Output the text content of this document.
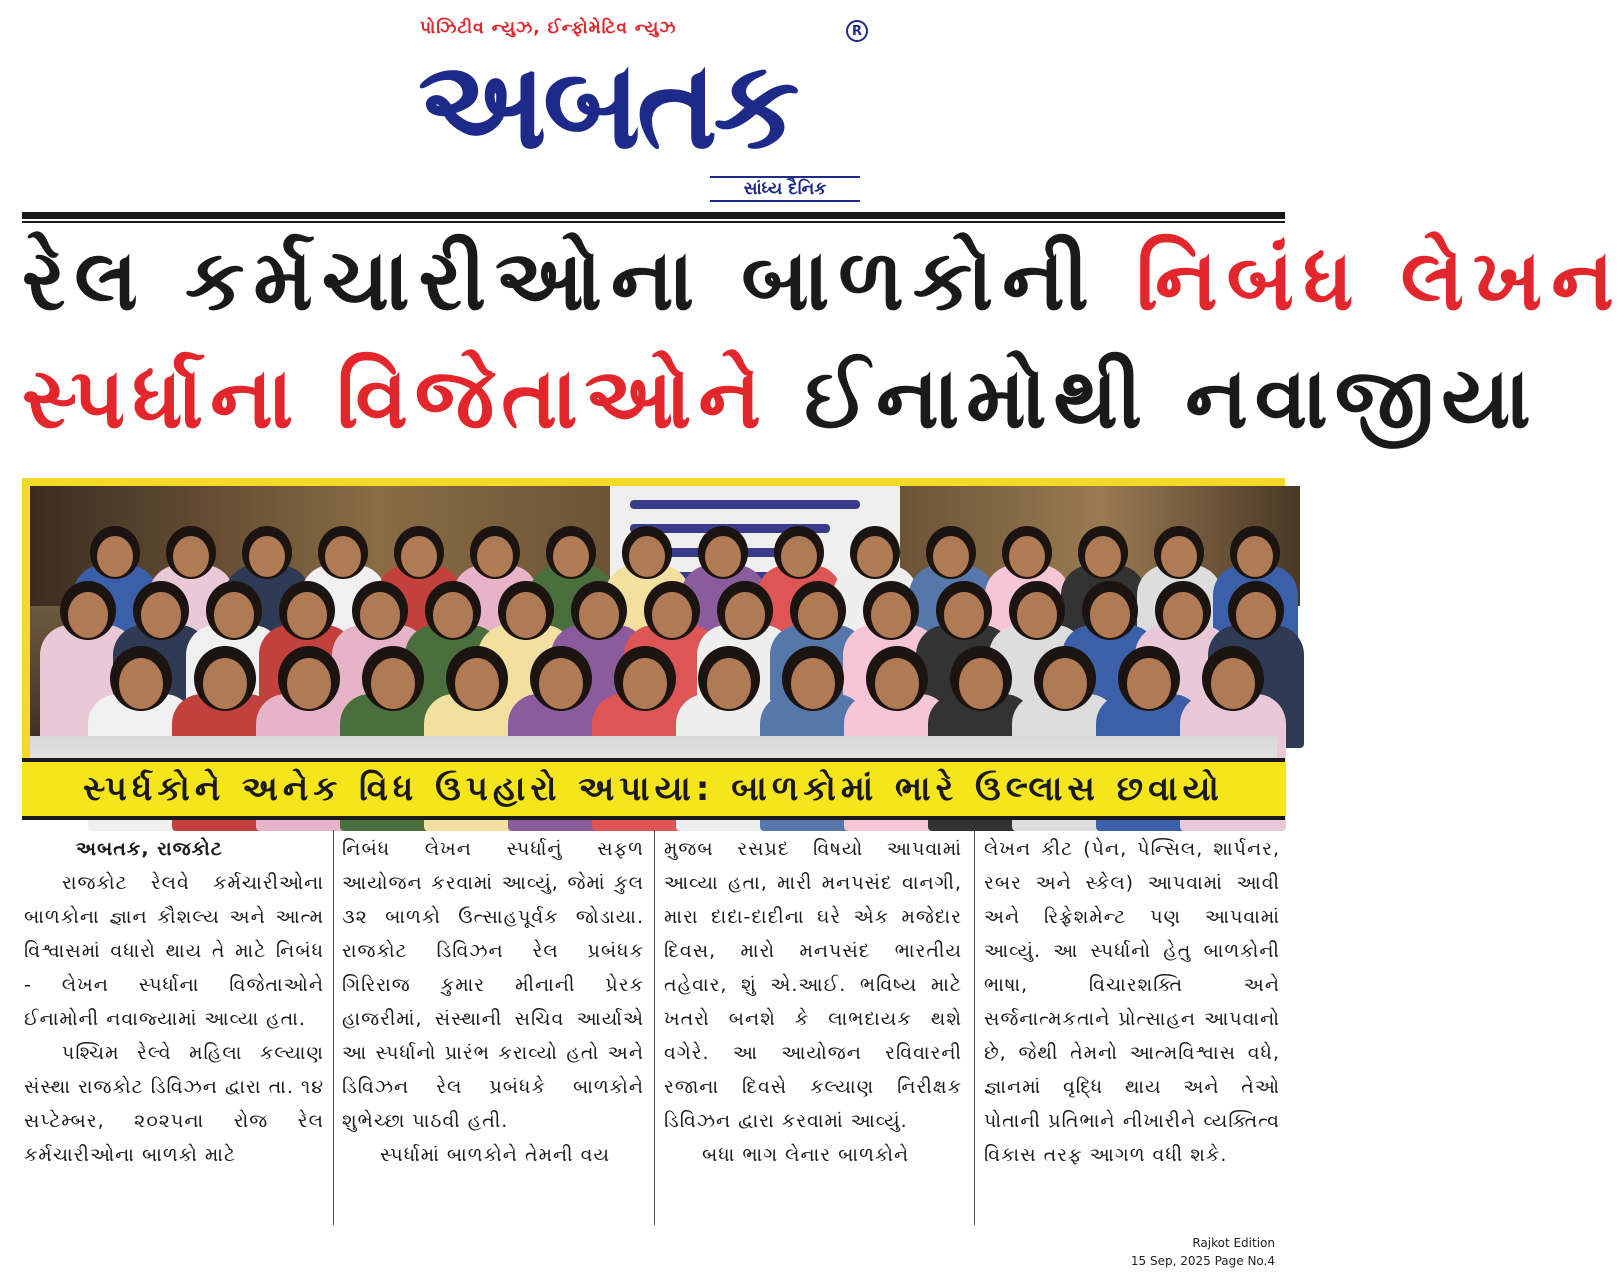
પોઝિટીવ ન્યુઝ, ઈન્ફોમેટિવ ન્યુઝ	R
અબતક
સાંધ્ય દૈનિક
રેલ કર્મચારીઓના બાળકોની નિબંધ લેખન
સ્પર્ધાના વિજેતાઓને ઈનામોથી નવાજીયા
સ્પર્ધકોને અનેક વિધ ઉપહારો અપાયા: બાળકોમાં ભારે ઉલ્લાસ છવાયો

અબતક, રાજકોટ

રાજકોટ રેલવે કર્મચારીઓના બાળકોના જ્ઞાન કૌશલ્ય અને આત્મ વિશ્વાસમાં વધારો થાય તે માટે નિબંધ - લેખન સ્પર્ધાના વિજેતાઓને ઈનામોની નવાજ્યામાં આવ્યા હતા.

પશ્ચિમ રેલ્વે મહિલા કલ્યાણ સંસ્થા રાજકોટ ડિવિઝન દ્વારા તા. ૧૪ સપ્ટેમ્બર, ૨૦૨૫ના રોજ રેલ કર્મચારીઓના બાળકો માટે

નિબંધ લેખન સ્પર્ધાનું સફળ આયોજન કરવામાં આવ્યું, જેમાં કુલ ૩૨ બાળકો ઉત્સાહપૂર્વક જોડાયા. રાજકોટ ડિવિઝન રેલ પ્રબંધક ગિરિરાજ કુમાર મીનાની પ્રેરક હાજરીમાં, સંસ્થાની સચિવ આર્યાએ આ સ્પર્ધાનો પ્રારંભ કરાવ્યો હતો અને ડિવિઝન રેલ પ્રબંધકે બાળકોને શુભેચ્છા પાઠવી હતી.

સ્પર્ધામાં બાળકોને તેમની વય

મુજબ રસપ્રદ વિષયો આપવામાં આવ્યા હતા, મારી મનપસંદ વાનગી, મારા દાદા-દાદીના ઘરે એક મજેદાર દિવસ, મારો મનપસંદ ભારતીય તહેવાર, શું એ.આઈ. ભવિષ્ય માટે ખતરો બનશે કે લાભદાયક થશે વગેરે. આ આયોજન રવિવારની રજાના દિવસે કલ્યાણ નિરીક્ષક ડિવિઝન દ્વારા કરવામાં આવ્યું.

બધા ભાગ લેનાર બાળકોને

લેખન કીટ (પેન, પેન્સિલ, શાર્પનર, રબર અને સ્કેલ) આપવામાં આવી અને રિફ્રેશમેન્ટ પણ આપવામાં આવ્યું. આ સ્પર્ધાનો હેતુ બાળકોની ભાષા, વિચારશક્તિ અને સર્જનાત્મકતાને પ્રોત્સાહન આપવાનો છે, જેથી તેમનો આત્મવિશ્વાસ વધે, જ્ઞાનમાં વૃદ્ધિ થાય અને તેઓ પોતાની પ્રતિભાને નીખારીને વ્યક્તિત્વ વિકાસ તરફ આગળ વધી શકે.

Rajkot Edition
15 Sep, 2025 Page No.4
